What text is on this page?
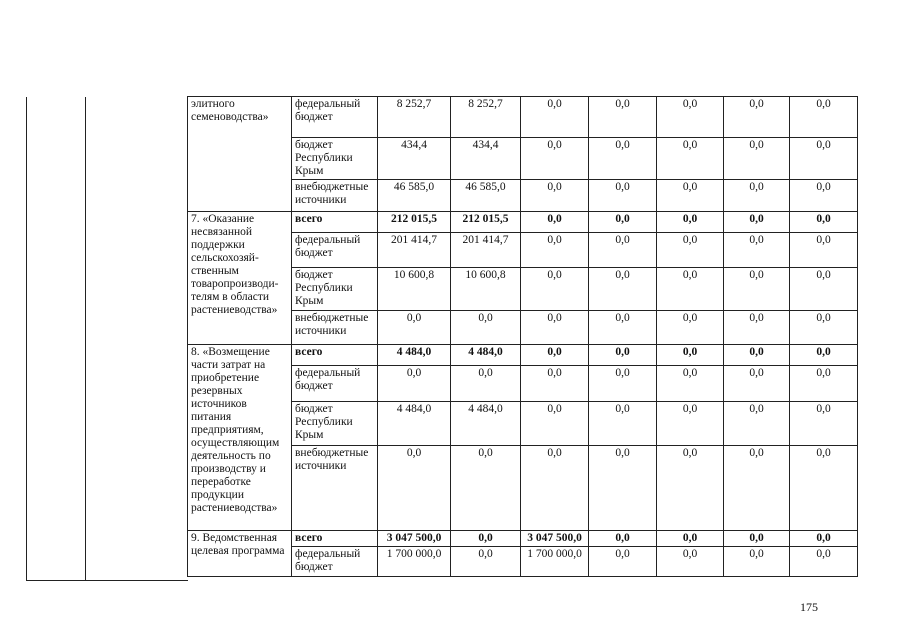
элитного семеноводства»	федеральный бюджет	8 252,7	8 252,7	0,0	0,0	0,0	0,0	0,0
	бюджет Республики Крым	434,4	434,4	0,0	0,0	0,0	0,0	0,0
	внебюджетные источники	46 585,0	46 585,0	0,0	0,0	0,0	0,0	0,0
7. «Оказание несвязанной поддержки сельскохозяй-ственным товаропроизводи-телям в области растениеводства»	всего	212 015,5	212 015,5	0,0	0,0	0,0	0,0	0,0
	федеральный бюджет	201 414,7	201 414,7	0,0	0,0	0,0	0,0	0,0
	бюджет Республики Крым	10 600,8	10 600,8	0,0	0,0	0,0	0,0	0,0
	внебюджетные источники	0,0	0,0	0,0	0,0	0,0	0,0	0,0
8. «Возмещение части затрат на приобретение резервных источников питания предприятиям, осуществляющим деятельность по производству и переработке продукции растениеводства»	всего	4 484,0	4 484,0	0,0	0,0	0,0	0,0	0,0
	федеральный бюджет	0,0	0,0	0,0	0,0	0,0	0,0	0,0
	бюджет Республики Крым	4 484,0	4 484,0	0,0	0,0	0,0	0,0	0,0
	внебюджетные источники	0,0	0,0	0,0	0,0	0,0	0,0	0,0
9. Ведомственная целевая программа	всего	3 047 500,0	0,0	3 047 500,0	0,0	0,0	0,0	0,0
	федеральный бюджет	1 700 000,0	0,0	1 700 000,0	0,0	0,0	0,0	0,0
175
